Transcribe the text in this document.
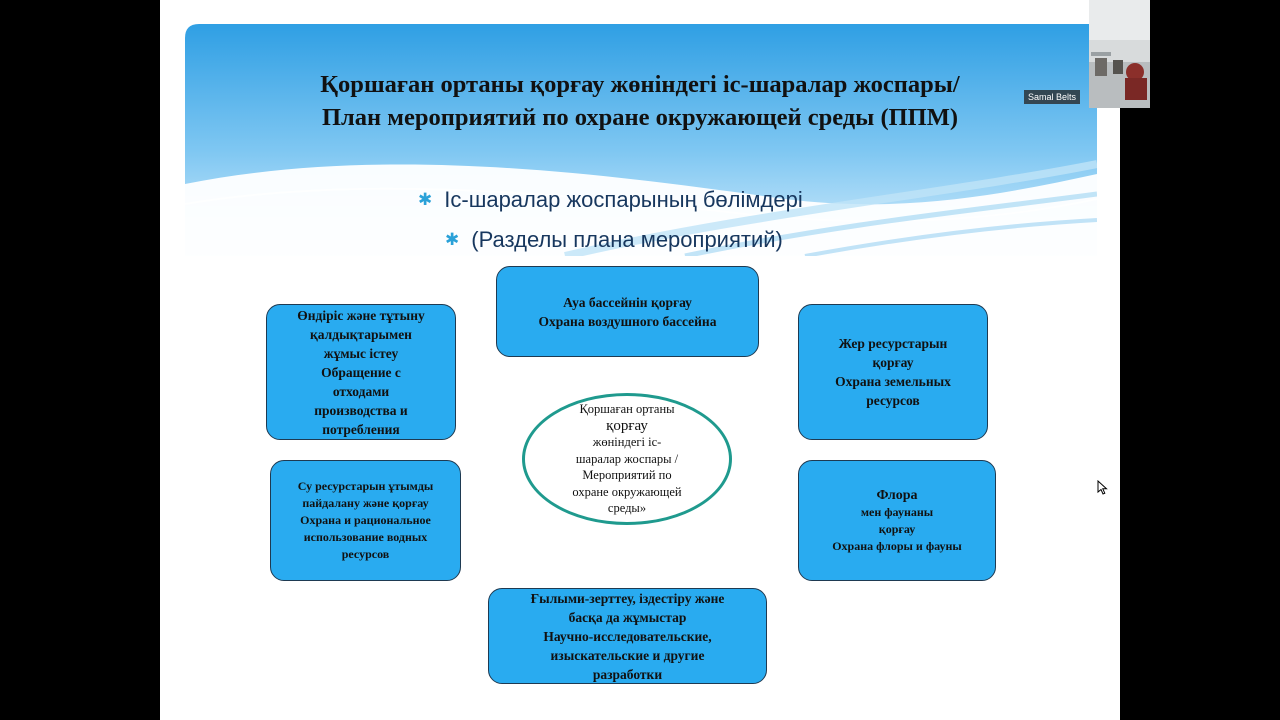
Қоршаған ортаны қорғау жөніндегі іс-шаралар жоспары/
План мероприятий по охране окружающей среды (ППМ)
✱ Іс-шаралар жоспарының бөлімдері
✱ (Разделы плана мероприятий)
Ауа бассейнін қорғау
Охрана воздушного бассейна
Өндіріс және тұтыну
қалдықтарымен
жұмыс істеу
Обращение с
отходами
производства и
потребления
Жер ресурстарын
қорғау
Охрана земельных
ресурсов
Қоршаған ортаны
қорғау
жөніндегі іс-
шаралар жоспары /
Мероприятий по
охране окружающей
среды»
Су ресурстарын ұтымды
пайдалану және қорғау
Охрана и рациональное
использование водных
ресурсов
Флора
мен фаунаны
қорғау
Охрана флоры и фауны
Ғылыми-зерттеу, іздестіру және
басқа да жұмыстар
Научно-исследовательские,
изыскательские и другие
разработки
Samal Belts
